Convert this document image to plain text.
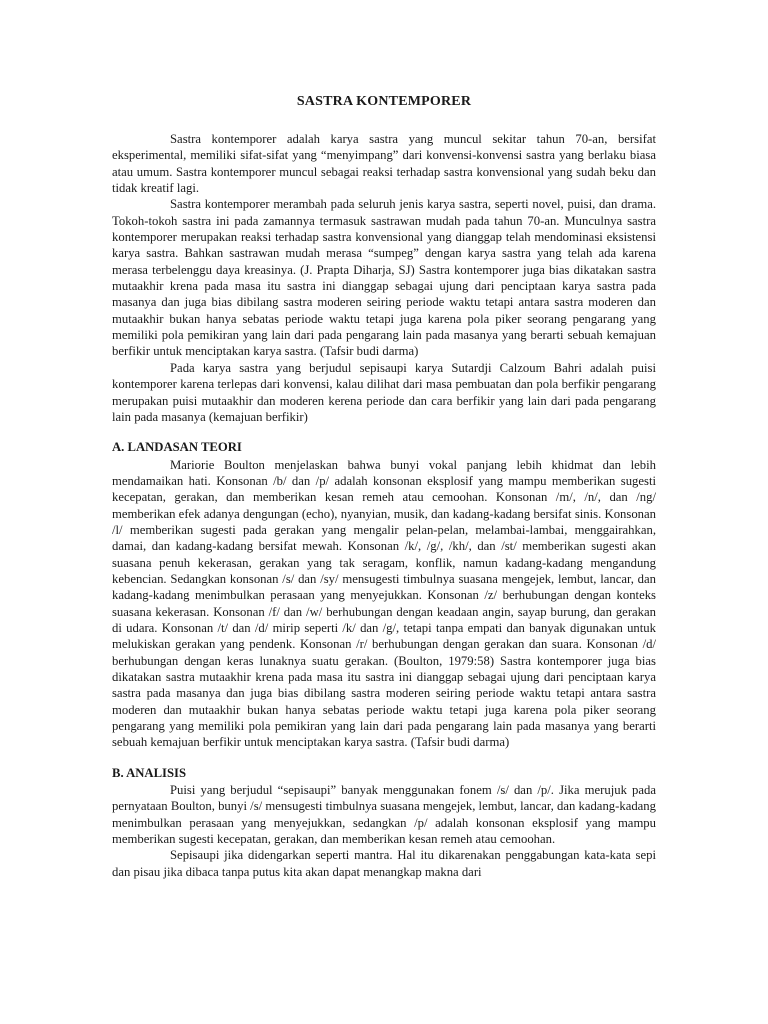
SASTRA KONTEMPORER

Sastra kontemporer adalah karya sastra yang muncul sekitar tahun 70-an, bersifat eksperimental, memiliki sifat-sifat yang “menyimpang” dari konvensi-konvensi sastra yang berlaku biasa atau umum. Sastra kontemporer muncul sebagai reaksi terhadap sastra konvensional yang sudah beku dan tidak kreatif lagi.

Sastra kontemporer merambah pada seluruh jenis karya sastra, seperti novel, puisi, dan drama. Tokoh-tokoh sastra ini pada zamannya termasuk sastrawan mudah pada tahun 70-an. Munculnya sastra kontemporer merupakan reaksi terhadap sastra konvensional yang dianggap telah mendominasi eksistensi karya sastra. Bahkan sastrawan mudah merasa “sumpeg” dengan karya sastra yang telah ada karena merasa terbelenggu daya kreasinya. (J. Prapta Diharja, SJ) Sastra kontemporer juga bias dikatakan sastra mutaakhir krena pada masa itu sastra ini dianggap sebagai ujung dari penciptaan karya sastra pada masanya dan juga bias dibilang sastra moderen seiring periode waktu tetapi antara sastra moderen dan mutaakhir bukan hanya sebatas periode waktu tetapi juga karena pola piker seorang pengarang yang memiliki pola pemikiran yang lain dari pada pengarang lain pada masanya yang berarti sebuah kemajuan berfikir untuk menciptakan karya sastra. (Tafsir budi darma)

Pada karya sastra yang berjudul sepisaupi karya Sutardji Calzoum Bahri adalah puisi kontemporer karena terlepas dari konvensi, kalau dilihat dari masa pembuatan dan pola berfikir pengarang merupakan puisi mutaakhir dan moderen kerena periode dan cara berfikir yang lain dari pada pengarang lain pada masanya (kemajuan berfikir)

A. LANDASAN TEORI

Mariorie Boulton menjelaskan bahwa bunyi vokal panjang lebih khidmat dan lebih mendamaikan hati. Konsonan /b/ dan /p/ adalah konsonan eksplosif yang mampu memberikan sugesti kecepatan, gerakan, dan memberikan kesan remeh atau cemoohan. Konsonan /m/, /n/, dan /ng/ memberikan efek adanya dengungan (echo), nyanyian, musik, dan kadang-kadang bersifat sinis. Konsonan /l/ memberikan sugesti pada gerakan yang mengalir pelan-pelan, melambai-lambai, menggairahkan, damai, dan kadang-kadang bersifat mewah. Konsonan /k/, /g/, /kh/, dan /st/ memberikan sugesti akan suasana penuh kekerasan, gerakan yang tak seragam, konflik, namun kadang-kadang mengandung kebencian. Sedangkan konsonan /s/ dan /sy/ mensugesti timbulnya suasana mengejek, lembut, lancar, dan kadang-kadang menimbulkan perasaan yang menyejukkan. Konsonan /z/ berhubungan dengan konteks suasana kekerasan. Konsonan /f/ dan /w/ berhubungan dengan keadaan angin, sayap burung, dan gerakan di udara. Konsonan /t/ dan /d/ mirip seperti /k/ dan /g/, tetapi tanpa empati dan banyak digunakan untuk melukiskan gerakan yang pendenk. Konsonan /r/ berhubungan dengan gerakan dan suara. Konsonan /d/ berhubungan dengan keras lunaknya suatu gerakan. (Boulton, 1979:58) Sastra kontemporer juga bias dikatakan sastra mutaakhir krena pada masa itu sastra ini dianggap sebagai ujung dari penciptaan karya sastra pada masanya dan juga bias dibilang sastra moderen seiring periode waktu tetapi antara sastra moderen dan mutaakhir bukan hanya sebatas periode waktu tetapi juga karena pola piker seorang pengarang yang memiliki pola pemikiran yang lain dari pada pengarang lain pada masanya yang berarti sebuah kemajuan berfikir untuk menciptakan karya sastra. (Tafsir budi darma)

B. ANALISIS

Puisi yang berjudul “sepisaupi” banyak menggunakan fonem /s/ dan /p/. Jika merujuk pada pernyataan Boulton, bunyi /s/ mensugesti timbulnya suasana mengejek, lembut, lancar, dan kadang-kadang menimbulkan perasaan yang menyejukkan, sedangkan /p/ adalah konsonan eksplosif yang mampu memberikan sugesti kecepatan, gerakan, dan memberikan kesan remeh atau cemoohan.

Sepisaupi jika didengarkan seperti mantra. Hal itu dikarenakan penggabungan kata-kata sepi dan pisau jika dibaca tanpa putus kita akan dapat menangkap makna dari
